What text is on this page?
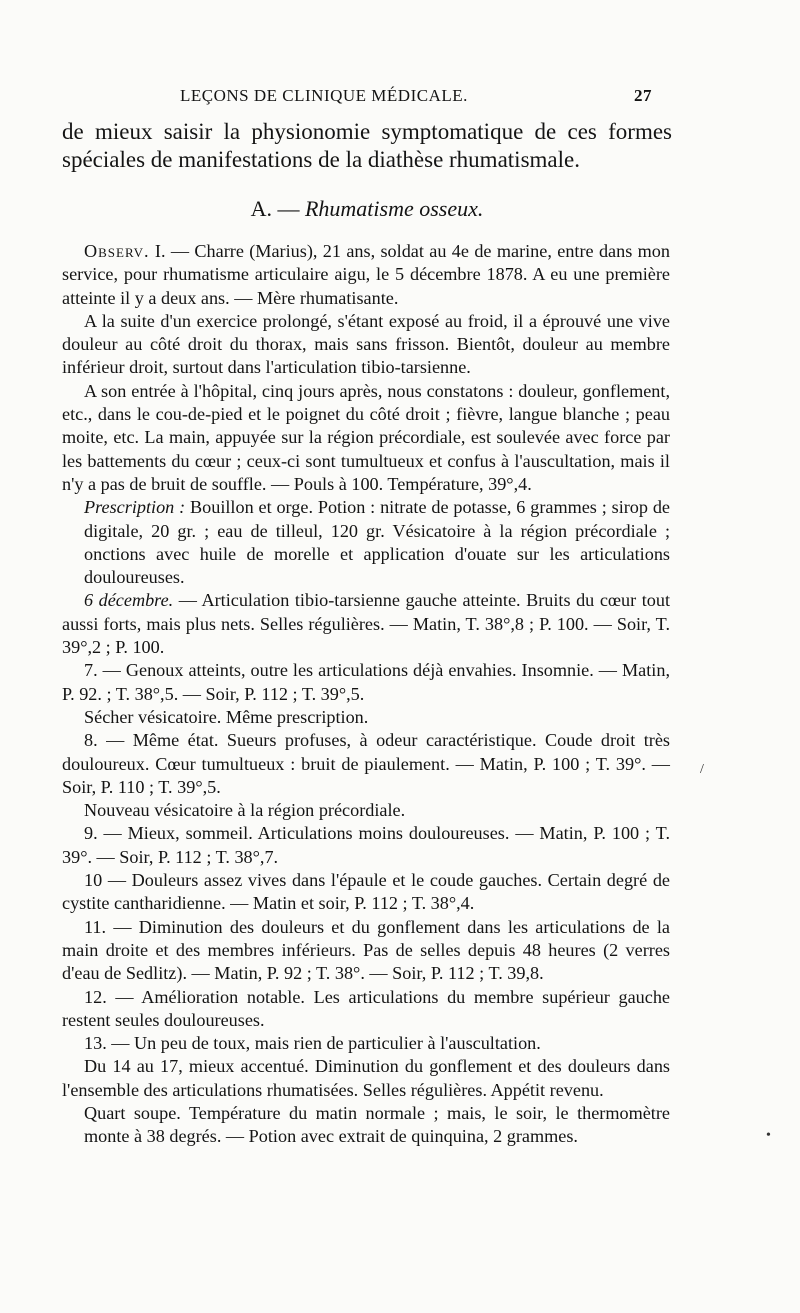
LEÇONS DE CLINIQUE MÉDICALE.	27
de mieux saisir la physionomie symptomatique de ces formes spéciales de manifestations de la diathèse rhumatismale.
A. — Rhumatisme osseux.

Observ. I. — Charre (Marius), 21 ans, soldat au 4e de marine, entre dans mon service, pour rhumatisme articulaire aigu, le 5 décembre 1878. A eu une première atteinte il y a deux ans. — Mère rhumatisante.

A la suite d'un exercice prolongé, s'étant exposé au froid, il a éprouvé une vive douleur au côté droit du thorax, mais sans frisson. Bientôt, douleur au membre inférieur droit, surtout dans l'articulation tibio-tarsienne.

A son entrée à l'hôpital, cinq jours après, nous constatons : douleur, gonflement, etc., dans le cou-de-pied et le poignet du côté droit ; fièvre, langue blanche ; peau moite, etc. La main, appuyée sur la région précordiale, est soulevée avec force par les battements du cœur ; ceux-ci sont tumultueux et confus à l'auscultation, mais il n'y a pas de bruit de souffle. — Pouls à 100. Température, 39°,4.

Prescription : Bouillon et orge. Potion : nitrate de potasse, 6 grammes ; sirop de digitale, 20 gr. ; eau de tilleul, 120 gr. Vésicatoire à la région précordiale ; onctions avec huile de morelle et application d'ouate sur les articulations douloureuses.

6 décembre. — Articulation tibio-tarsienne gauche atteinte. Bruits du cœur tout aussi forts, mais plus nets. Selles régulières. — Matin, T. 38°,8 ; P. 100. — Soir, T. 39°,2 ; P. 100.

7. — Genoux atteints, outre les articulations déjà envahies. Insomnie. — Matin, P. 92. ; T. 38°,5. — Soir, P. 112 ; T. 39°,5.

Sécher vésicatoire. Même prescription.

8. — Même état. Sueurs profuses, à odeur caractéristique. Coude droit très douloureux. Cœur tumultueux : bruit de piaulement. — Matin, P. 100 ; T. 39°. — Soir, P. 110 ; T. 39°,5.

Nouveau vésicatoire à la région précordiale.

9. — Mieux, sommeil. Articulations moins douloureuses. — Matin, P. 100 ; T. 39°. — Soir, P. 112 ; T. 38°,7.

10 — Douleurs assez vives dans l'épaule et le coude gauches. Certain degré de cystite cantharidienne. — Matin et soir, P. 112 ; T. 38°,4.

11. — Diminution des douleurs et du gonflement dans les articulations de la main droite et des membres inférieurs. Pas de selles depuis 48 heures (2 verres d'eau de Sedlitz). — Matin, P. 92 ; T. 38°. — Soir, P. 112 ; T. 39,8.

12. — Amélioration notable. Les articulations du membre supérieur gauche restent seules douloureuses.

13. — Un peu de toux, mais rien de particulier à l'auscultation.

Du 14 au 17, mieux accentué. Diminution du gonflement et des douleurs dans l'ensemble des articulations rhumatisées. Selles régulières. Appétit revenu.

Quart soupe. Température du matin normale ; mais, le soir, le thermomètre monte à 38 degrés. — Potion avec extrait de quinquina, 2 grammes.

/
•
